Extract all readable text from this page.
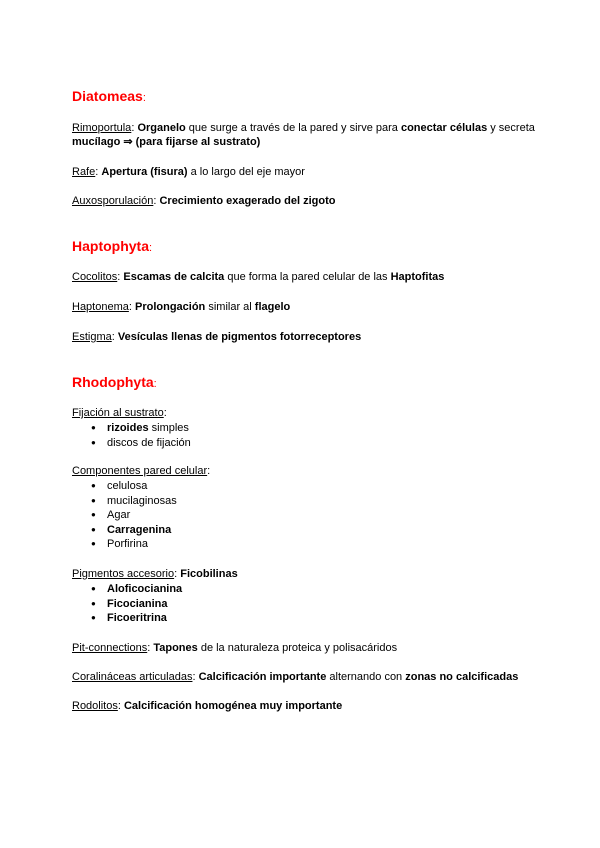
Diatomeas:

Rimoportula: Organelo que surge a través de la pared y sirve para conectar células y secreta mucílago ⇒ (para fijarse al sustrato)

Rafe: Apertura (fisura) a lo largo del eje mayor

Auxosporulación: Crecimiento exagerado del zigoto

Haptophyta:

Cocolitos: Escamas de calcita que forma la pared celular de las Haptofitas

Haptonema: Prolongación similar al flagelo

Estigma: Vesículas llenas de pigmentos fotorreceptores

Rhodophyta:
Fijación al sustrato:
● rizoides simples
● discos de fijación
Componentes pared celular:
● celulosa
● mucilaginosas
● Agar
● Carragenina
● Porfirina
Pigmentos accesorio: Ficobilinas
● Aloficocianina
● Ficocianina
● Ficoeritrina

Pit-connections: Tapones de la naturaleza proteica y polisacáridos

Coralináceas articuladas: Calcificación importante alternando con zonas no calcificadas

Rodolitos: Calcificación homogénea muy importante
